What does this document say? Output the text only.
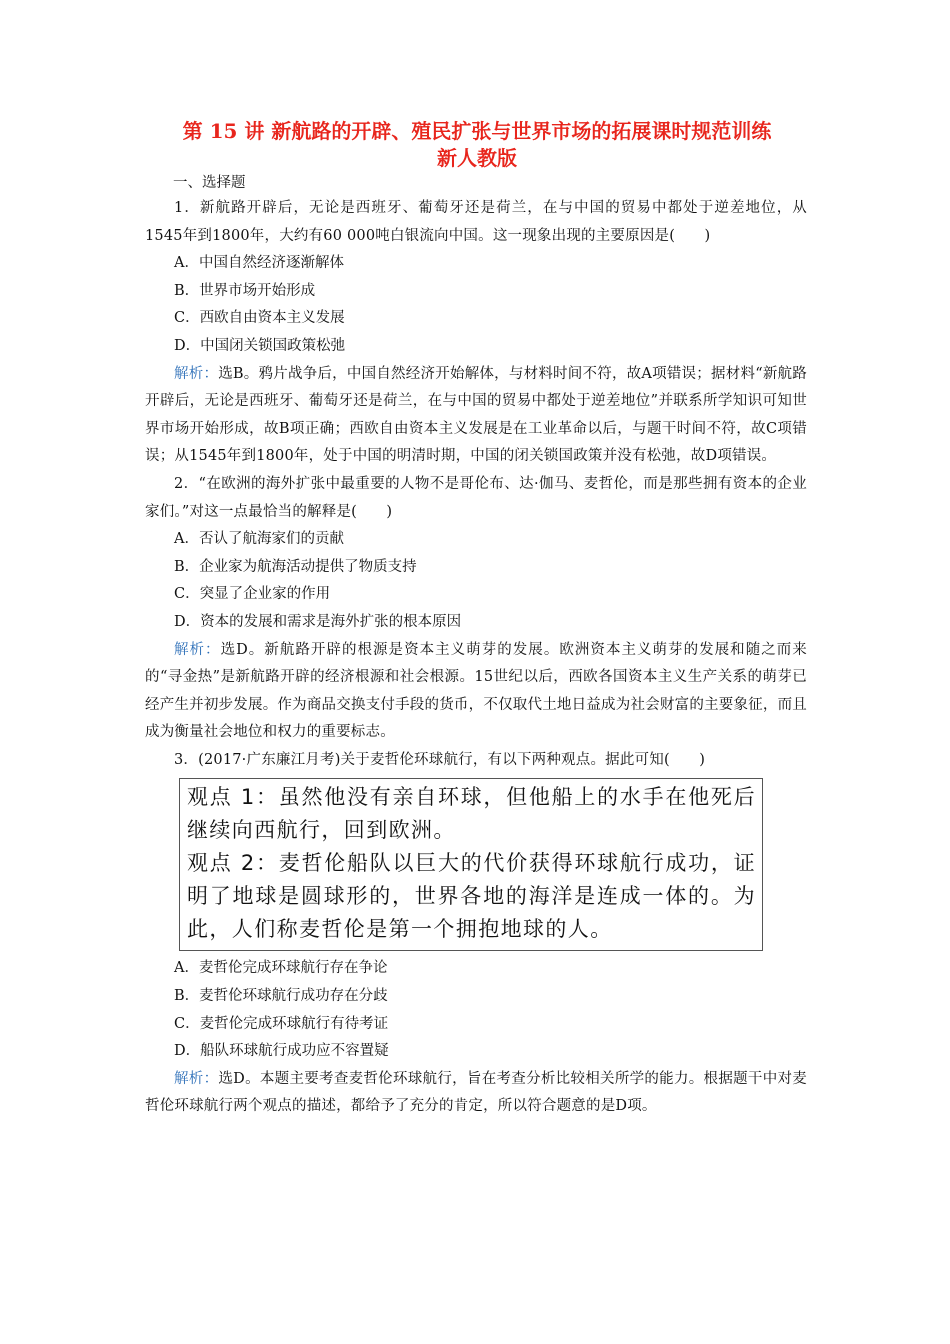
第 15 讲 新航路的开辟、殖民扩张与世界市场的拓展课时规范训练
新人教版
一、选择题

1．新航路开辟后，无论是西班牙、葡萄牙还是荷兰，在与中国的贸易中都处于逆差地位，从1545年到1800年，大约有60 000吨白银流向中国。这一现象出现的主要原因是(　　)

A．中国自然经济逐渐解体
B．世界市场开始形成
C．西欧自由资本主义发展
D．中国闭关锁国政策松弛

解析：选B。鸦片战争后，中国自然经济开始解体，与材料时间不符，故A项错误；据材料“新航路开辟后，无论是西班牙、葡萄牙还是荷兰，在与中国的贸易中都处于逆差地位”并联系所学知识可知世界市场开始形成，故B项正确；西欧自由资本主义发展是在工业革命以后，与题干时间不符，故C项错误；从1545年到1800年，处于中国的明清时期，中国的闭关锁国政策并没有松弛，故D项错误。

2．“在欧洲的海外扩张中最重要的人物不是哥伦布、达·伽马、麦哲伦，而是那些拥有资本的企业家们。”对这一点最恰当的解释是(　　)

A．否认了航海家们的贡献
B．企业家为航海活动提供了物质支持
C．突显了企业家的作用
D．资本的发展和需求是海外扩张的根本原因

解析：选D。新航路开辟的根源是资本主义萌芽的发展。欧洲资本主义萌芽的发展和随之而来的“寻金热”是新航路开辟的经济根源和社会根源。15世纪以后，西欧各国资本主义生产关系的萌芽已经产生并初步发展。作为商品交换支付手段的货币，不仅取代土地日益成为社会财富的主要象征，而且成为衡量社会地位和权力的重要标志。

3．(2017·广东廉江月考)关于麦哲伦环球航行，有以下两种观点。据此可知(　　)

观点 1：虽然他没有亲自环球，但他船上的水手在他死后继续向西航行，回到欧洲。
观点 2：麦哲伦船队以巨大的代价获得环球航行成功，证明了地球是圆球形的，世界各地的海洋是连成一体的。为此，人们称麦哲伦是第一个拥抱地球的人。
A．麦哲伦完成环球航行存在争论
B．麦哲伦环球航行成功存在分歧
C．麦哲伦完成环球航行有待考证
D．船队环球航行成功应不容置疑

解析：选D。本题主要考查麦哲伦环球航行，旨在考查分析比较相关所学的能力。根据题干中对麦哲伦环球航行两个观点的描述，都给予了充分的肯定，所以符合题意的是D项。
